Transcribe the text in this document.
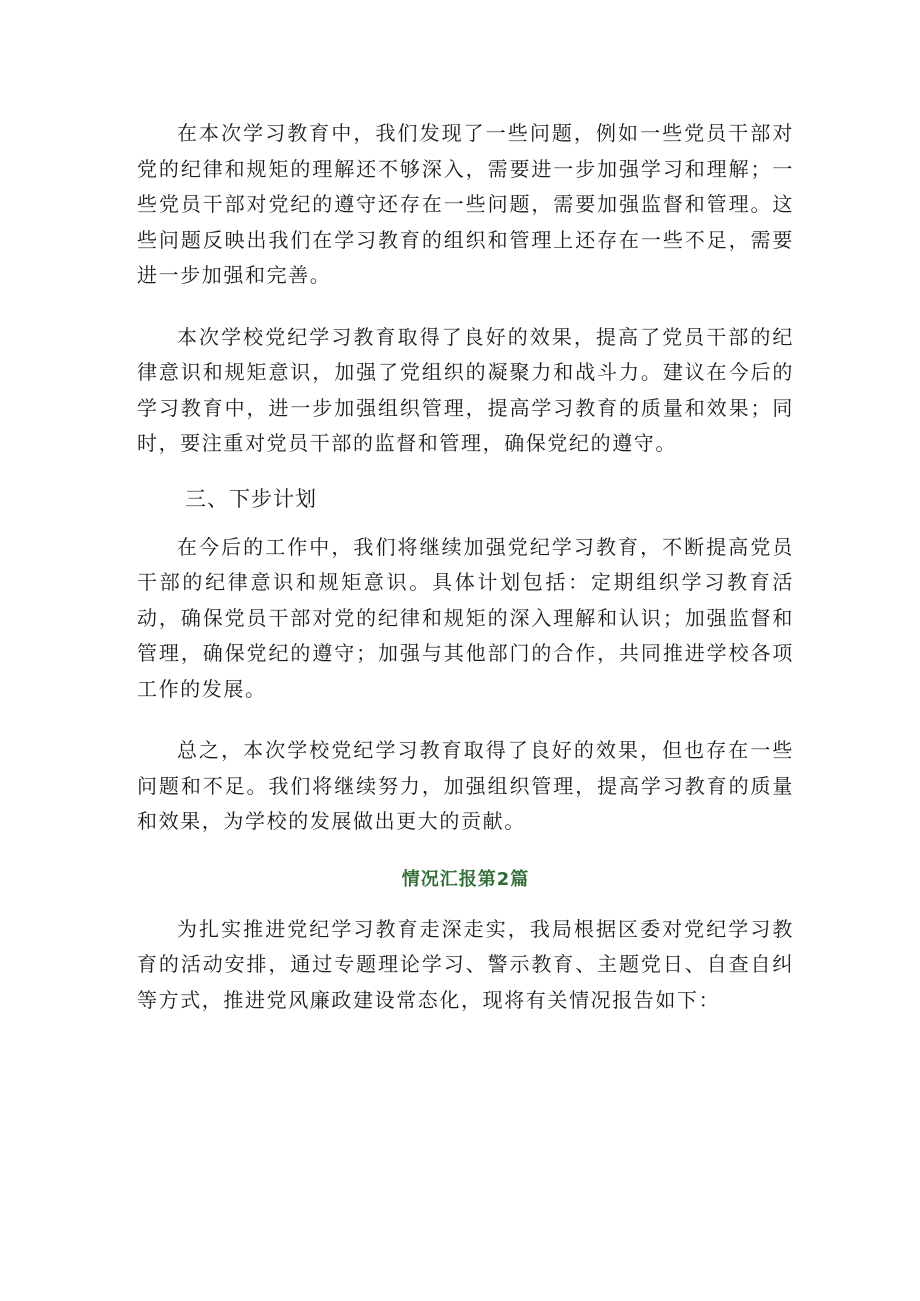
在本次学习教育中，我们发现了一些问题，例如一些党员干部对党的纪律和规矩的理解还不够深入，需要进一步加强学习和理解；一些党员干部对党纪的遵守还存在一些问题，需要加强监督和管理。这些问题反映出我们在学习教育的组织和管理上还存在一些不足，需要进一步加强和完善。

本次学校党纪学习教育取得了良好的效果，提高了党员干部的纪律意识和规矩意识，加强了党组织的凝聚力和战斗力。建议在今后的学习教育中，进一步加强组织管理，提高学习教育的质量和效果；同时，要注重对党员干部的监督和管理，确保党纪的遵守。

三、下步计划

在今后的工作中，我们将继续加强党纪学习教育，不断提高党员干部的纪律意识和规矩意识。具体计划包括：定期组织学习教育活动，确保党员干部对党的纪律和规矩的深入理解和认识；加强监督和管理，确保党纪的遵守；加强与其他部门的合作，共同推进学校各项工作的发展。

总之，本次学校党纪学习教育取得了良好的效果，但也存在一些问题和不足。我们将继续努力，加强组织管理，提高学习教育的质量和效果，为学校的发展做出更大的贡献。

情况汇报第2篇

为扎实推进党纪学习教育走深走实，我局根据区委对党纪学习教育的活动安排，通过专题理论学习、警示教育、主题党日、自查自纠等方式，推进党风廉政建设常态化，现将有关情况报告如下：
